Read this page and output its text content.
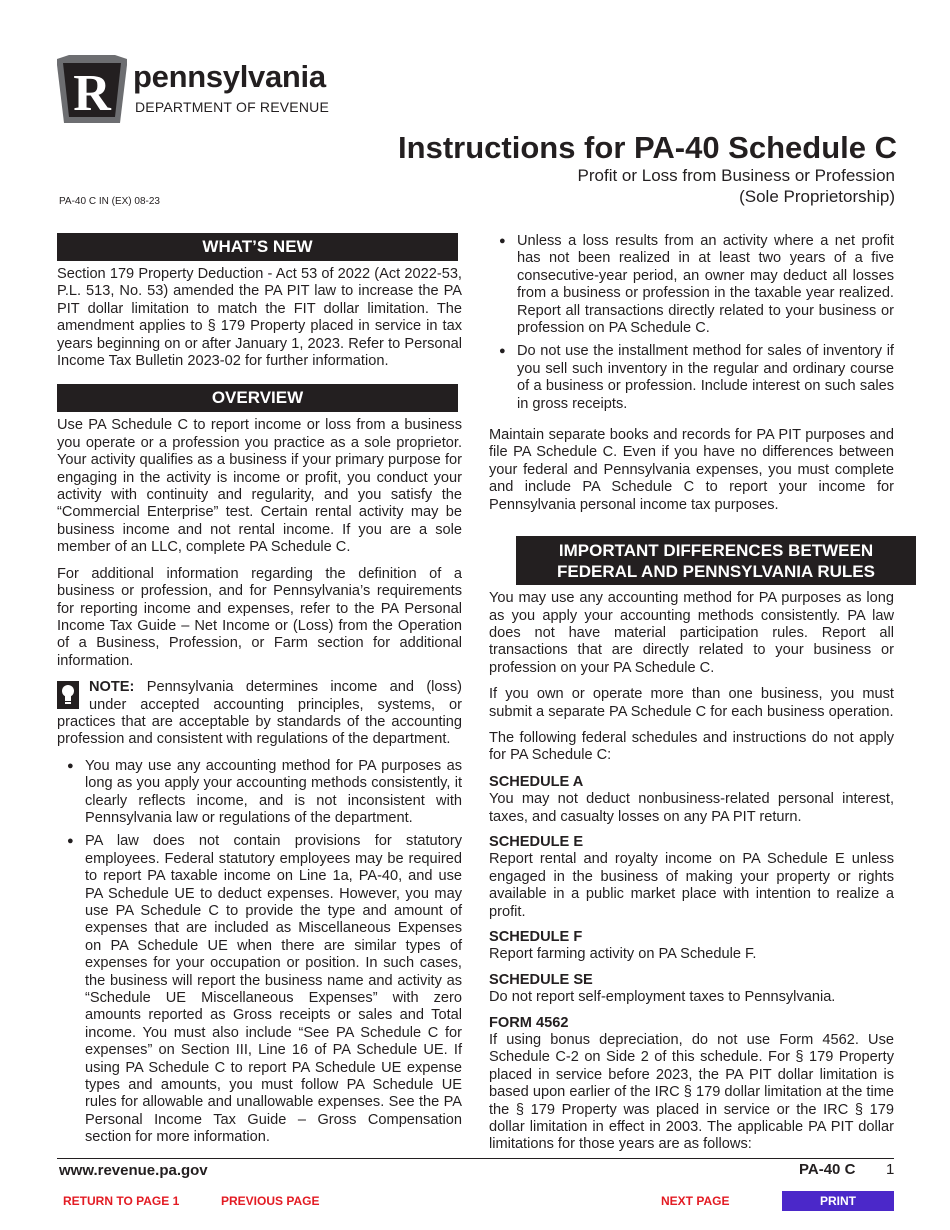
R pennsylvania
DEPARTMENT OF REVENUE
Instructions for PA-40 Schedule C
Profit or Loss from Business or Profession
(Sole Proprietorship)
PA-40 C IN (EX) 08-23
WHAT’S NEW

Section 179 Property Deduction - Act 53 of 2022 (Act 2022-53, P.L. 513, No. 53) amended the PA PIT law to increase the PA PIT dollar limitation to match the FIT dollar limitation. The amendment applies to § 179 Property placed in service in tax years beginning on or after January 1, 2023. Refer to Personal Income Tax Bulletin 2023-02 for further information.

OVERVIEW

Use PA Schedule C to report income or loss from a business you operate or a profession you practice as a sole proprietor. Your activity qualifies as a business if your primary purpose for engaging in the activity is income or profit, you conduct your activity with continuity and regularity, and you satisfy the “Commercial Enterprise” test. Certain rental activity may be business income and not rental income. If you are a sole member of an LLC, complete PA Schedule C.

For additional information regarding the definition of a business or profession, and for Pennsylvania’s requirements for reporting income and expenses, refer to the PA Personal Income Tax Guide – Net Income or (Loss) from the Operation of a Business, Profession, or Farm section for additional information.

NOTE: Pennsylvania determines income and (loss) under accepted accounting principles, systems, or practices that are acceptable by standards of the accounting profession and consistent with regulations of the department.
● You may use any accounting method for PA purposes as long as you apply your accounting methods consistently, it clearly reflects income, and is not inconsistent with Pennsylvania law or regulations of the department.
● PA law does not contain provisions for statutory employees. Federal statutory employees may be required to report PA taxable income on Line 1a, PA-40, and use PA Schedule UE to deduct expenses. However, you may use PA Schedule C to provide the type and amount of expenses that are included as Miscellaneous Expenses on PA Schedule UE when there are similar types of expenses for your occupation or position. In such cases, the business will report the business name and activity as “Schedule UE Miscellaneous Expenses” with zero amounts reported as Gross receipts or sales and Total income. You must also include “See PA Schedule C for expenses” on Section III, Line 16 of PA Schedule UE. If using PA Schedule C to report PA Schedule UE expense types and amounts, you must follow PA Schedule UE rules for allowable and unallowable expenses. See the PA Personal Income Tax Guide – Gross Compensation section for more information.
● Unless a loss results from an activity where a net profit has not been realized in at least two years of a five consecutive-year period, an owner may deduct all losses from a business or profession in the taxable year realized. Report all transactions directly related to your business or profession on PA Schedule C.
● Do not use the installment method for sales of inventory if you sell such inventory in the regular and ordinary course of a business or profession. Include interest on such sales in gross receipts.

Maintain separate books and records for PA PIT purposes and file PA Schedule C. Even if you have no differences between your federal and Pennsylvania expenses, you must complete and include PA Schedule C to report your income for Pennsylvania personal income tax purposes.

IMPORTANT DIFFERENCES BETWEEN
FEDERAL AND PENNSYLVANIA RULES

You may use any accounting method for PA purposes as long as you apply your accounting methods consistently. PA law does not have material participation rules. Report all transactions that are directly related to your business or profession on your PA Schedule C.

If you own or operate more than one business, you must submit a separate PA Schedule C for each business operation.

The following federal schedules and instructions do not apply for PA Schedule C:

SCHEDULE A

You may not deduct nonbusiness-related personal interest, taxes, and casualty losses on any PA PIT return.

SCHEDULE E

Report rental and royalty income on PA Schedule E unless engaged in the business of making your property or rights available in a public market place with intention to realize a profit.

SCHEDULE F

Report farming activity on PA Schedule F.

SCHEDULE SE

Do not report self-employment taxes to Pennsylvania.

FORM 4562

If using bonus depreciation, do not use Form 4562. Use Schedule C-2 on Side 2 of this schedule. For § 179 Property placed in service before 2023, the PA PIT dollar limitation is based upon earlier of the IRC § 179 dollar limitation at the time the § 179 Property was placed in service or the IRC § 179 dollar limitation in effect in 2003. The applicable PA PIT dollar limitations for those years are as follows:

www.revenue.pa.gov	PA-40 C 1
RETURN TO PAGE 1	PREVIOUS PAGE	NEXT PAGE	PRINT
